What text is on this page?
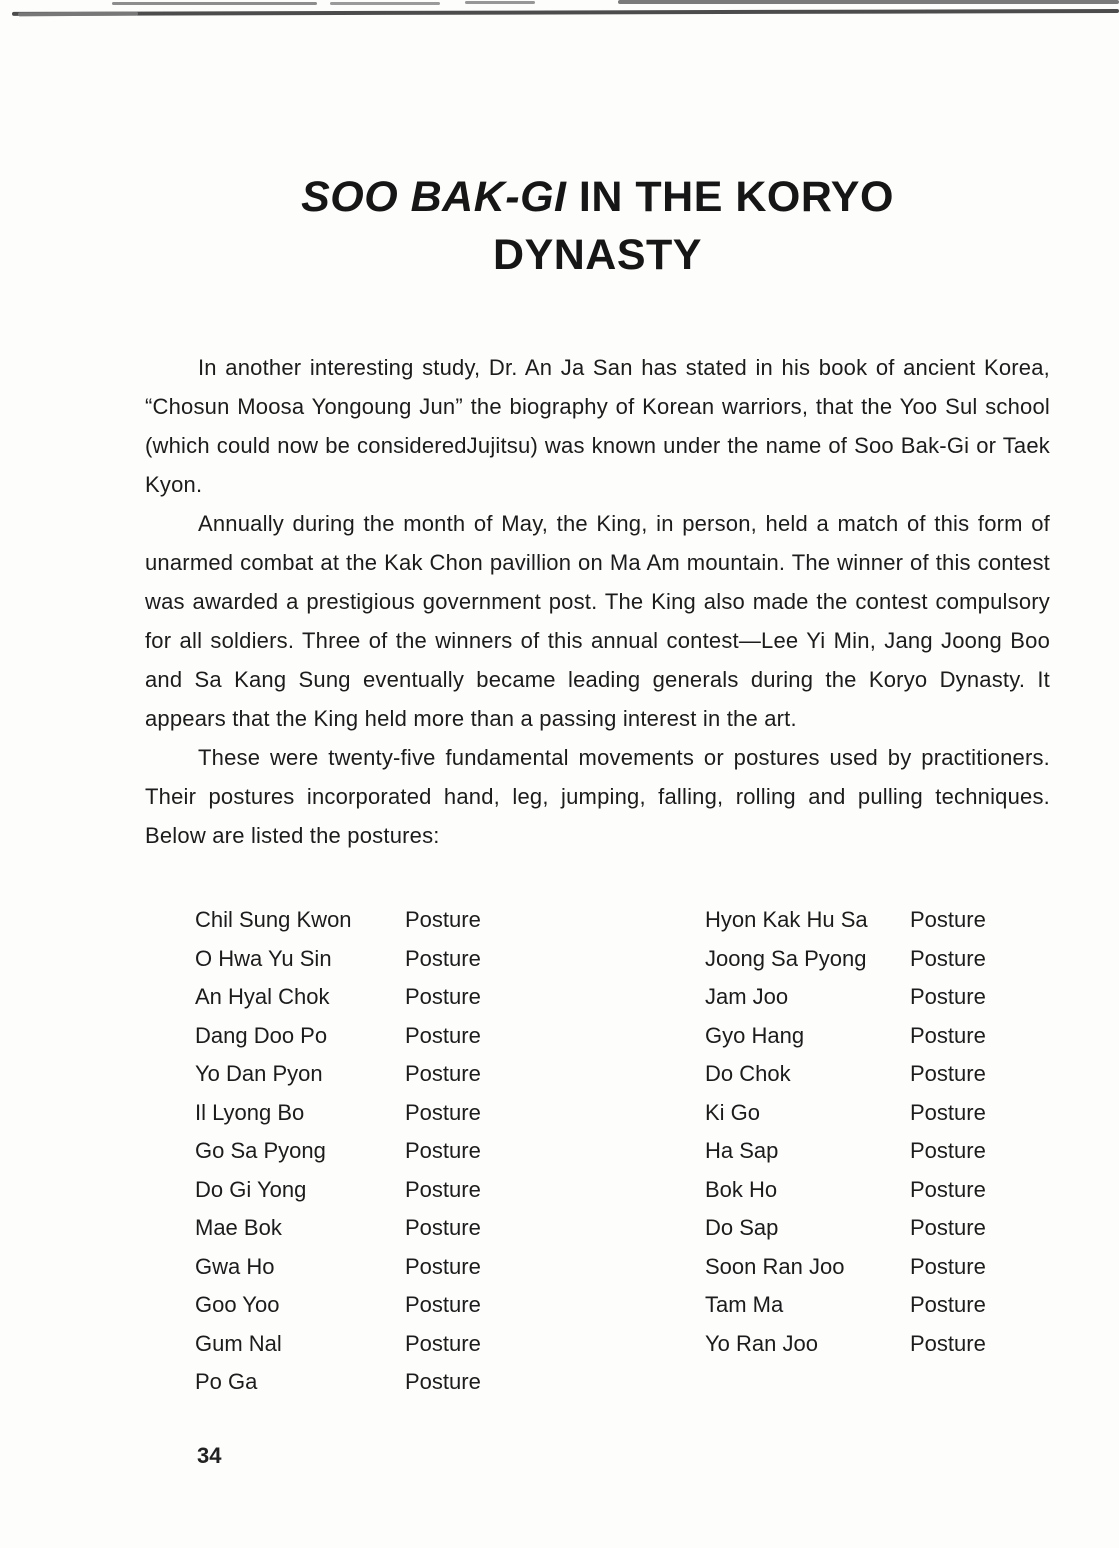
SOO BAK-GI IN THE KORYO DYNASTY

In another interesting study, Dr. An Ja San has stated in his book of ancient Korea, “Chosun Moosa Yongoung Jun” the biography of Korean warriors, that the Yoo Sul school (which could now be consideredJujitsu) was known under the name of Soo Bak-Gi or Taek Kyon.

Annually during the month of May, the King, in person, held a match of this form of unarmed combat at the Kak Chon pavillion on Ma Am mountain. The winner of this contest was awarded a prestigious government post. The King also made the contest compulsory for all soldiers. Three of the winners of this annual contest—Lee Yi Min, Jang Joong Boo and Sa Kang Sung eventually became leading generals during the Koryo Dynasty. It appears that the King held more than a passing interest in the art.

These were twenty-five fundamental movements or postures used by practitioners. Their postures incorporated hand, leg, jumping, falling, rolling and pulling techniques. Below are listed the postures:

Chil Sung Kwon	Posture
O Hwa Yu Sin	Posture
An Hyal Chok	Posture
Dang Doo Po	Posture
Yo Dan Pyon	Posture
Il Lyong Bo	Posture
Go Sa Pyong	Posture
Do Gi Yong	Posture
Mae Bok	Posture
Gwa Ho	Posture
Goo Yoo	Posture
Gum Nal	Posture
Po Ga	Posture
Hyon Kak Hu Sa	Posture
Joong Sa Pyong	Posture
Jam Joo	Posture
Gyo Hang	Posture
Do Chok	Posture
Ki Go	Posture
Ha Sap	Posture
Bok Ho	Posture
Do Sap	Posture
Soon Ran Joo	Posture
Tam Ma	Posture
Yo Ran Joo	Posture
34
